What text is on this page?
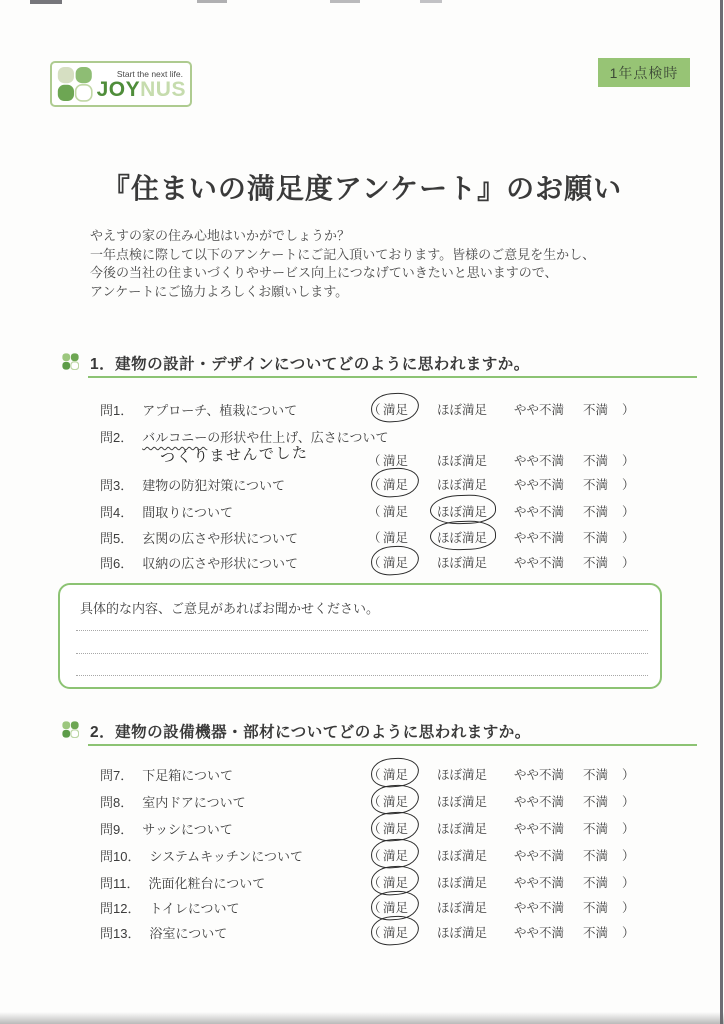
Start the next life.
JOYNUS
1年点検時
『住まいの満足度アンケート』のお願い
やえすの家の住み心地はいかがでしょうか？
一年点検に際して以下のアンケートにご記入頂いております。皆様のご意見を生かし、
今後の当社の住まいづくりやサービス向上につなげていきたいと思いますので、
アンケートにご協力よろしくお願いします。
1．建物の設計・デザインについてどのように思われますか。
問1． アプローチ、植栽について	（ 満足 ほぼ満足 やや不満 不満 ）
問2． バルコニーの形状や仕上げ、広さについて
つくりませんでした	（ 満足 ほぼ満足 やや不満 不満 ）
問3． 建物の防犯対策について	（ 満足 ほぼ満足 やや不満 不満 ）
問4． 間取りについて	（ 満足 ほぼ満足 やや不満 不満 ）
問5． 玄関の広さや形状について	（ 満足 ほぼ満足 やや不満 不満 ）
問6． 収納の広さや形状について	（ 満足 ほぼ満足 やや不満 不満 ）
2．建物の設備機器・部材についてどのように思われますか。
問7． 下足箱について	（ 満足 ほぼ満足 やや不満 不満 ）
問8． 室内ドアについて	（ 満足 ほぼ満足 やや不満 不満 ）
問9． サッシについて	（ 満足 ほぼ満足 やや不満 不満 ）
問10． システムキッチンについて	（ 満足 ほぼ満足 やや不満 不満 ）
問11． 洗面化粧台について	（ 満足 ほぼ満足 やや不満 不満 ）
問12． トイレについて	（ 満足 ほぼ満足 やや不満 不満 ）
問13． 浴室について	（ 満足 ほぼ満足 やや不満 不満 ）
具体的な内容、ご意見があればお聞かせください。
